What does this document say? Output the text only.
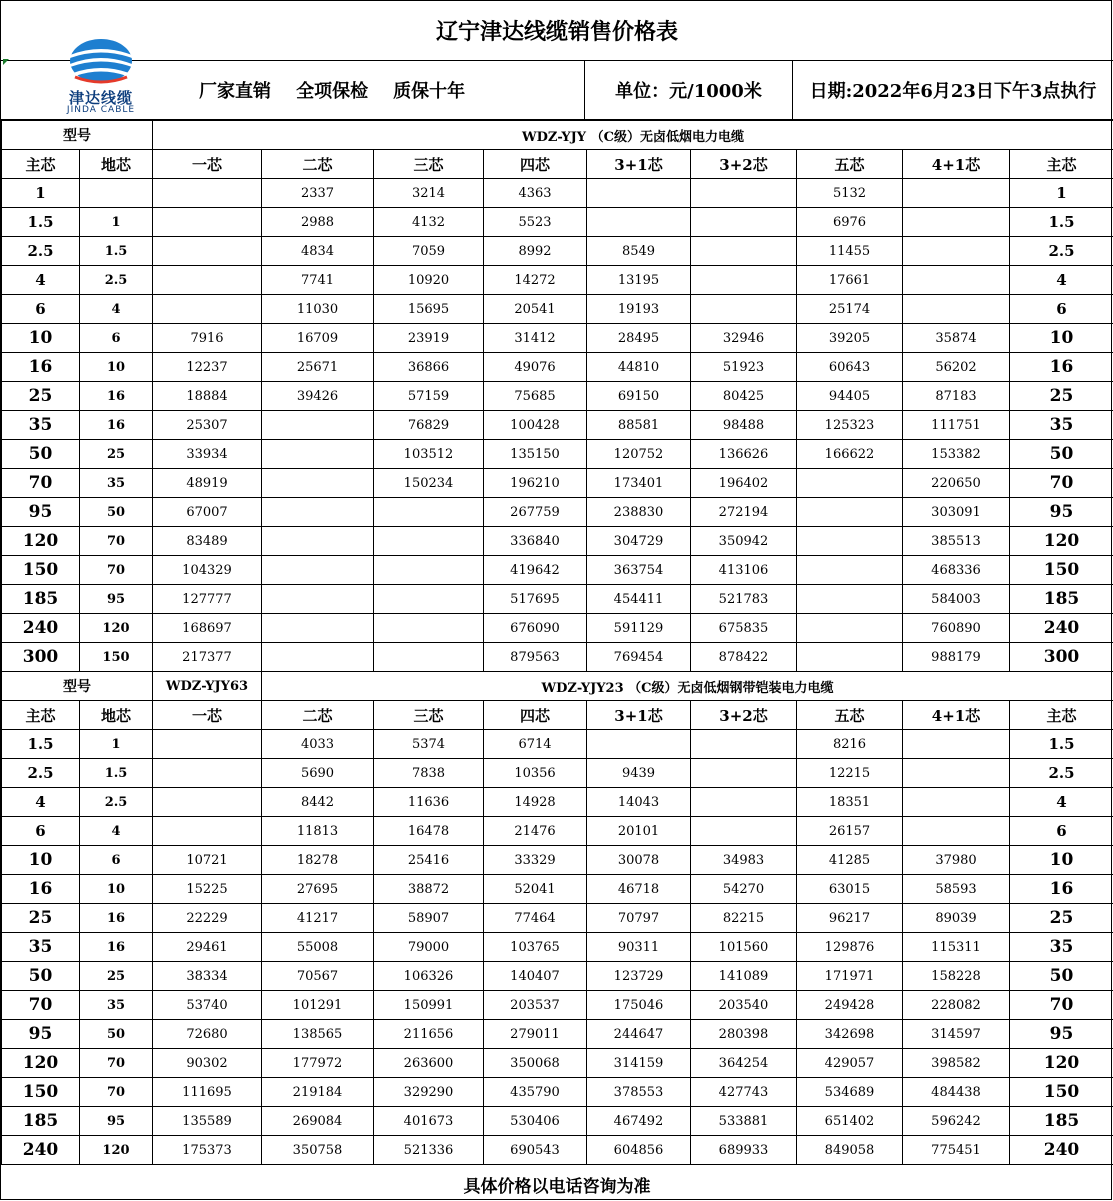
辽宁津达线缆销售价格表
厂家直销    全项保检    质保十年	单位：元/1000米	日期:2022年6月23日下午3点执行
津达线缆
JINDA CABLE
型号		WDZ-YJY （C级）无卤低烟电力电缆								
主芯	地芯	一芯	二芯	三芯	四芯	3+1芯	3+2芯	五芯	4+1芯	主芯
1			2337	3214	4363			5132		1
1.5	1		2988	4132	5523			6976		1.5
2.5	1.5		4834	7059	8992	8549		11455		2.5
4	2.5		7741	10920	14272	13195		17661		4
6	4		11030	15695	20541	19193		25174		6
10	6	7916	16709	23919	31412	28495	32946	39205	35874	10
16	10	12237	25671	36866	49076	44810	51923	60643	56202	16
25	16	18884	39426	57159	75685	69150	80425	94405	87183	25
35	16	25307		76829	100428	88581	98488	125323	111751	35
50	25	33934		103512	135150	120752	136626	166622	153382	50
70	35	48919		150234	196210	173401	196402		220650	70
95	50	67007			267759	238830	272194		303091	95
120	70	83489			336840	304729	350942		385513	120
150	70	104329			419642	363754	413106		468336	150
185	95	127777			517695	454411	521783		584003	185
240	120	168697			676090	591129	675835		760890	240
300	150	217377			879563	769454	878422		988179	300
型号		WDZ-YJY63	WDZ-YJY23 （C级）无卤低烟钢带铠装电力电缆							
主芯	地芯	一芯	二芯	三芯	四芯	3+1芯	3+2芯	五芯	4+1芯	主芯
1.5	1		4033	5374	6714			8216		1.5
2.5	1.5		5690	7838	10356	9439		12215		2.5
4	2.5		8442	11636	14928	14043		18351		4
6	4		11813	16478	21476	20101		26157		6
10	6	10721	18278	25416	33329	30078	34983	41285	37980	10
16	10	15225	27695	38872	52041	46718	54270	63015	58593	16
25	16	22229	41217	58907	77464	70797	82215	96217	89039	25
35	16	29461	55008	79000	103765	90311	101560	129876	115311	35
50	25	38334	70567	106326	140407	123729	141089	171971	158228	50
70	35	53740	101291	150991	203537	175046	203540	249428	228082	70
95	50	72680	138565	211656	279011	244647	280398	342698	314597	95
120	70	90302	177972	263600	350068	314159	364254	429057	398582	120
150	70	111695	219184	329290	435790	378553	427743	534689	484438	150
185	95	135589	269084	401673	530406	467492	533881	651402	596242	185
240	120	175373	350758	521336	690543	604856	689933	849058	775451	240
具体价格以电话咨询为准
